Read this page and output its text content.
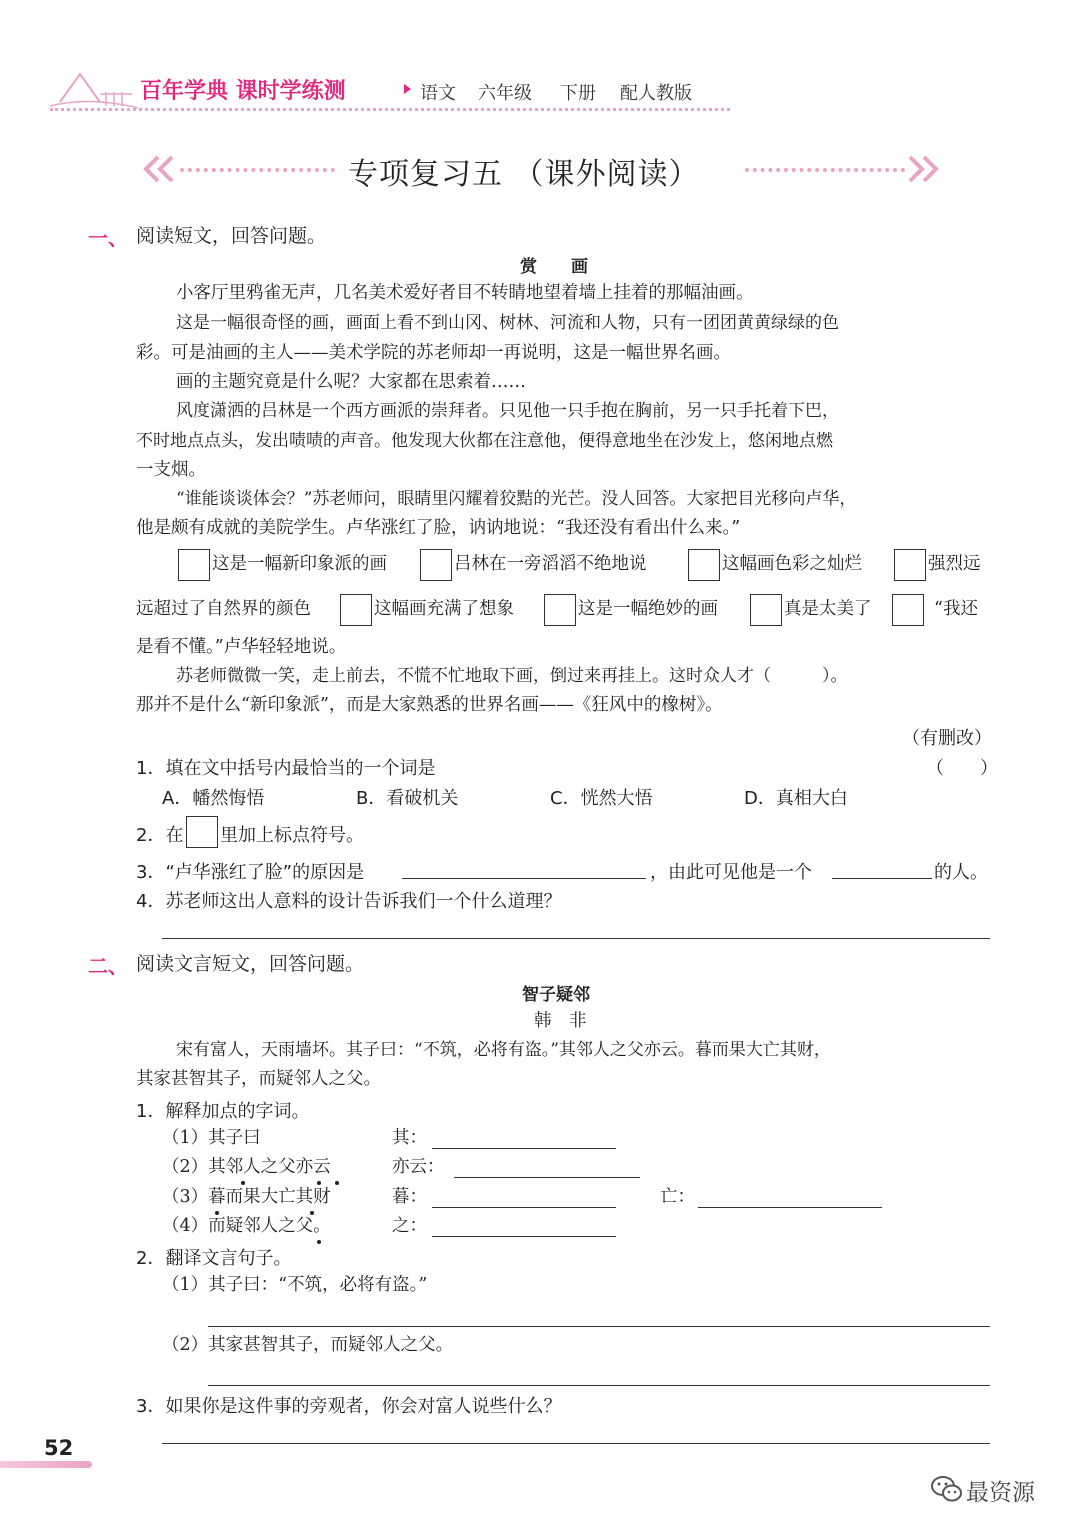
百年学典 课时学练测	语文 六年级 下册 配人教版
专项复习五 （课外阅读）
一、 阅读短文，回答问题。
赏　　画
小客厅里鸦雀无声，几名美术爱好者目不转睛地望着墙上挂着的那幅油画。
这是一幅很奇怪的画，画面上看不到山冈、树林、河流和人物，只有一团团黄黄绿绿的色
彩。可是油画的主人——美术学院的苏老师却一再说明，这是一幅世界名画。
画的主题究竟是什么呢？大家都在思索着……
风度潇洒的吕林是一个西方画派的崇拜者。只见他一只手抱在胸前，另一只手托着下巴，
不时地点点头，发出啧啧的声音。他发现大伙都在注意他，便得意地坐在沙发上，悠闲地点燃
一支烟。
“谁能谈谈体会？”苏老师问，眼睛里闪耀着狡黠的光芒。没人回答。大家把目光移向卢华，
他是颇有成就的美院学生。卢华涨红了脸，讷讷地说：“我还没有看出什么来。”
这是一幅新印象派的画	吕林在一旁滔滔不绝地说	这幅画色彩之灿烂	强烈远
远超过了自然界的颜色	这幅画充满了想象	这是一幅绝妙的画	真是太美了	“我还
是看不懂。”卢华轻轻地说。
苏老师微微一笑，走上前去，不慌不忙地取下画，倒过来再挂上。这时众人才（　　　）。
那并不是什么“新印象派”，而是大家熟悉的世界名画——《狂风中的橡树》。
（有删改）
1．填在文中括号内最恰当的一个词是	（　　）
A．幡然悔悟	B．看破机关	C．恍然大悟	D．真相大白
2．在 里加上标点符号。
3．“卢华涨红了脸”的原因是	，由此可见他是一个	的人。
4．苏老师这出人意料的设计告诉我们一个什么道理？
二、 阅读文言短文，回答问题。
智子疑邻
韩　非
宋有富人，天雨墙坏。其子曰：“不筑，必将有盗。”其邻人之父亦云。暮而果大亡其财，
其家甚智其子，而疑邻人之父。
1．解释加点的字词。
（1）其子曰	其：
（2）其邻人之父亦云	亦云：
（3）暮而果大亡其财	暮：	亡：
（4）而疑邻人之父。	之：
2．翻译文言句子。
（1）其子曰：“不筑，必将有盗。”
（2）其家甚智其子，而疑邻人之父。
3．如果你是这件事的旁观者，你会对富人说些什么？
52
最资源
